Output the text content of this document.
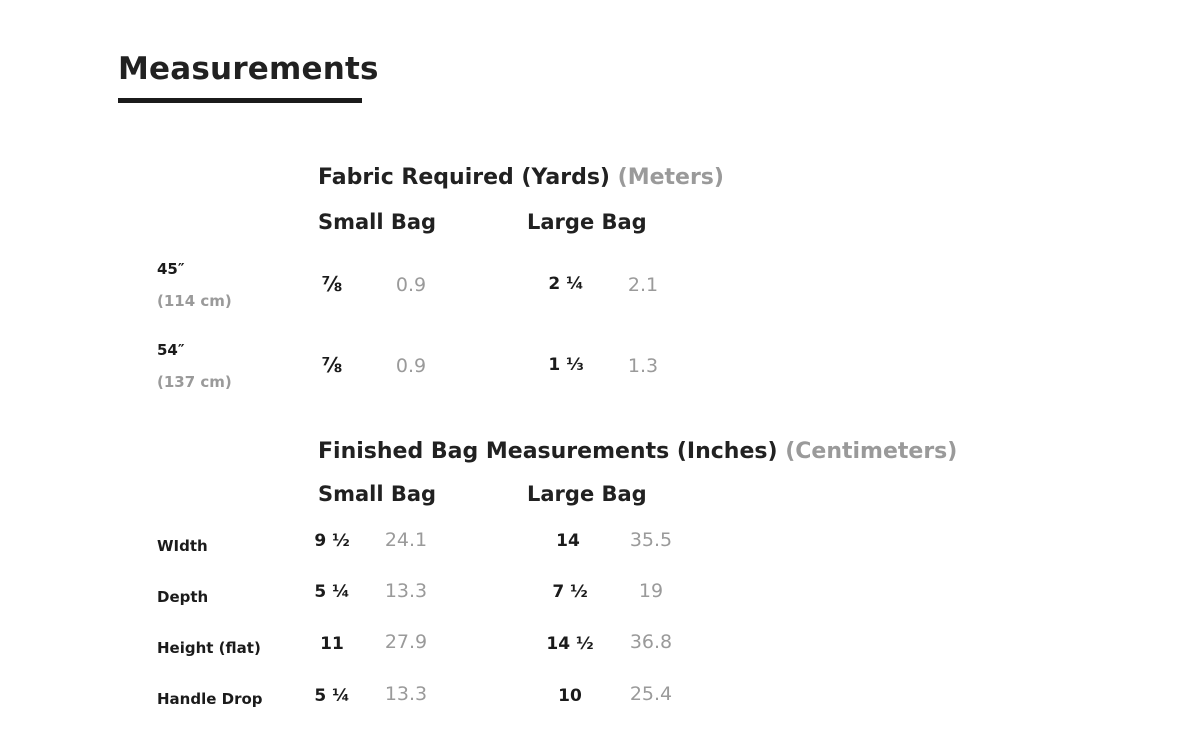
Measurements
Fabric Required (Yards) (Meters)
Small Bag	Large Bag
45″
(114 cm)
⅞	0.9	2 ¼ 2.1
54″
(137 cm)
⅞	0.9	1 ⅓ 1.3
Finished Bag Measurements (Inches) (Centimeters)
Small Bag	Large Bag
WIdth	9 ½ 24.1	14	35.5
Depth	5 ¼ 13.3	7 ½	19
Height (flat)	11 27.9	14 ½ 36.8
Handle Drop	5 ¼ 13.3	10	25.4
